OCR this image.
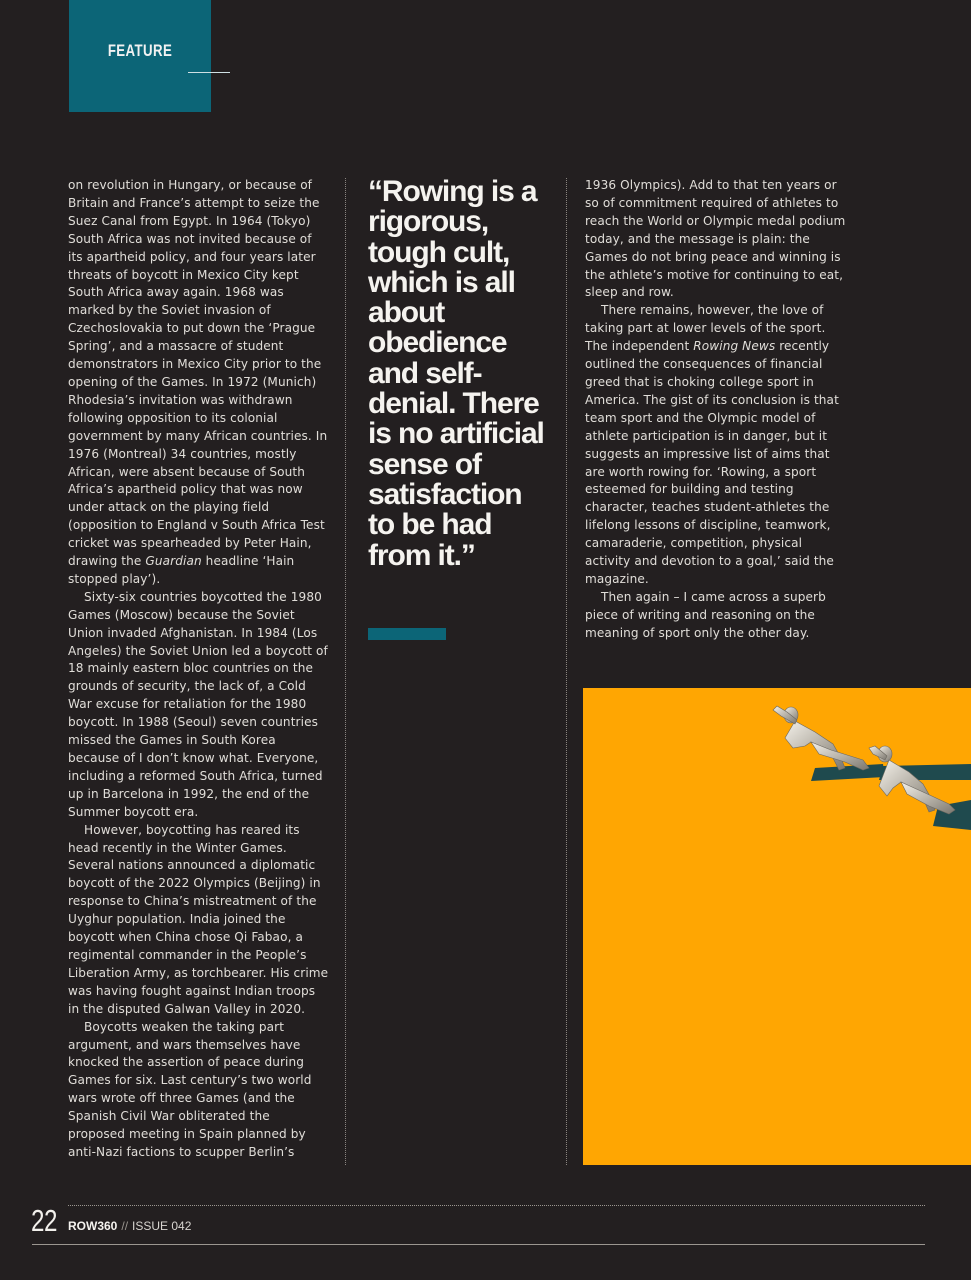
FEATURE

on revolution in Hungary, or because of Britain and France’s attempt to seize the Suez Canal from Egypt. In 1964 (Tokyo) South Africa was not invited because of its apartheid policy, and four years later threats of boycott in Mexico City kept South Africa away again. 1968 was marked by the Soviet invasion of Czechoslovakia to put down the ‘Prague Spring’, and a massacre of student demonstrators in Mexico City prior to the opening of the Games. In 1972 (Munich) Rhodesia’s invitation was withdrawn following opposition to its colonial government by many African countries. In 1976 (Montreal) 34 countries, mostly African, were absent because of South Africa’s apartheid policy that was now under attack on the playing field (opposition to England v South Africa Test cricket was spearheaded by Peter Hain, drawing the Guardian headline ‘Hain stopped play’).

Sixty-six countries boycotted the 1980 Games (Moscow) because the Soviet Union invaded Afghanistan. In 1984 (Los Angeles) the Soviet Union led a boycott of 18 mainly eastern bloc countries on the grounds of security, the lack of, a Cold War excuse for retaliation for the 1980 boycott. In 1988 (Seoul) seven countries missed the Games in South Korea because of I don’t know what. Everyone, including a reformed South Africa, turned up in Barcelona in 1992, the end of the Summer boycott era.

However, boycotting has reared its head recently in the Winter Games. Several nations announced a diplomatic boycott of the 2022 Olympics (Beijing) in response to China’s mistreatment of the Uyghur population. India joined the boycott when China chose Qi Fabao, a regimental commander in the People’s Liberation Army, as torchbearer. His crime was having fought against Indian troops in the disputed Galwan Valley in 2020.

Boycotts weaken the taking part argument, and wars themselves have knocked the assertion of peace during Games for six. Last century’s two world wars wrote off three Games (and the Spanish Civil War obliterated the proposed meeting in Spain planned by anti-Nazi factions to scupper Berlin’s

“Rowing is a rigorous, tough cult, which is all about obedience and self-denial. There is no artificial sense of satisfaction to be had from it.”

1936 Olympics). Add to that ten years or so of commitment required of athletes to reach the World or Olympic medal podium today, and the message is plain: the Games do not bring peace and winning is the athlete’s motive for continuing to eat, sleep and row.

There remains, however, the love of taking part at lower levels of the sport. The independent Rowing News recently outlined the consequences of financial greed that is choking college sport in America. The gist of its conclusion is that team sport and the Olympic model of athlete participation is in danger, but it suggests an impressive list of aims that are worth rowing for. ‘Rowing, a sport esteemed for building and testing character, teaches student-athletes the lifelong lessons of discipline, teamwork, camaraderie, competition, physical activity and devotion to a goal,’ said the magazine.

Then again – I came across a superb piece of writing and reasoning on the meaning of sport only the other day.

22 ROW360 // ISSUE 042
